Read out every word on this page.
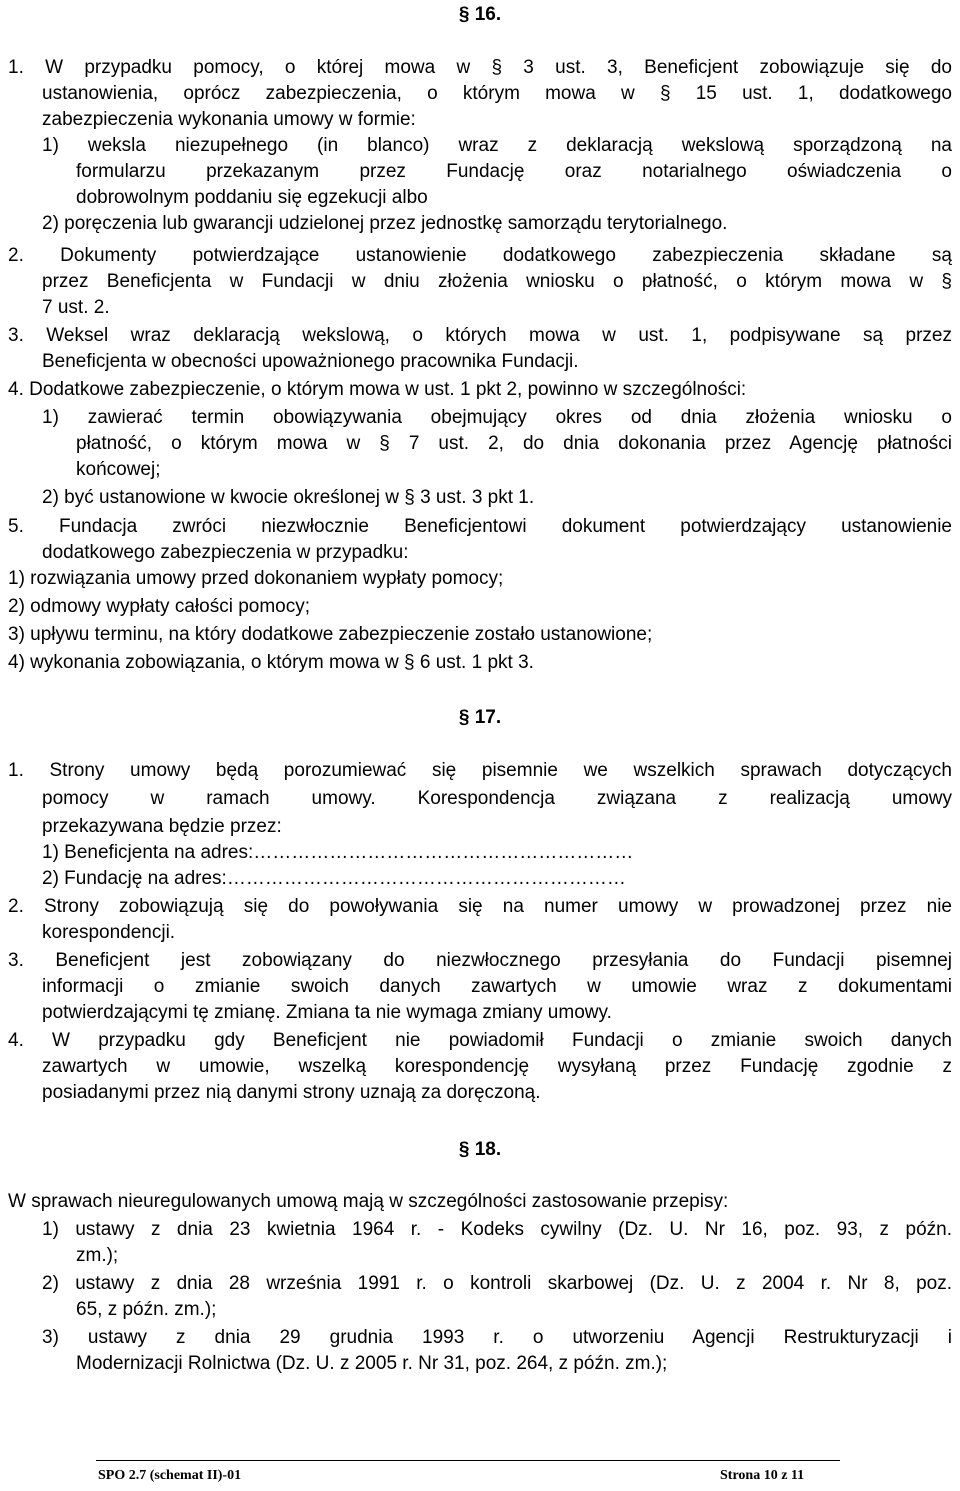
§ 16.
1. W przypadku pomocy, o której mowa w § 3 ust. 3, Beneficjent zobowiązuje się do
ustanowienia, oprócz zabezpieczenia, o którym mowa w § 15 ust. 1, dodatkowego
zabezpieczenia wykonania umowy w formie:
1) weksla niezupełnego (in blanco) wraz z deklaracją wekslową sporządzoną na
formularzu przekazanym przez Fundację oraz notarialnego oświadczenia o
dobrowolnym poddaniu się egzekucji albo
2) poręczenia lub gwarancji udzielonej przez jednostkę samorządu terytorialnego.
2. Dokumenty potwierdzające ustanowienie dodatkowego zabezpieczenia składane są
przez Beneficjenta w Fundacji w dniu złożenia wniosku o płatność, o którym mowa w §
7 ust. 2.
3. Weksel wraz deklaracją wekslową, o których mowa w ust. 1, podpisywane są przez
Beneficjenta w obecności upoważnionego pracownika Fundacji.
4. Dodatkowe zabezpieczenie, o którym mowa w ust. 1 pkt 2, powinno w szczególności:
1) zawierać termin obowiązywania obejmujący okres od dnia złożenia wniosku o
płatność, o którym mowa w § 7 ust. 2, do dnia dokonania przez Agencję płatności
końcowej;
2) być ustanowione w kwocie określonej w § 3 ust. 3 pkt 1.
5. Fundacja zwróci niezwłocznie Beneficjentowi dokument potwierdzający ustanowienie
dodatkowego zabezpieczenia w przypadku:
1) rozwiązania umowy przed dokonaniem wypłaty pomocy;
2) odmowy wypłaty całości pomocy;
3) upływu terminu, na który dodatkowe zabezpieczenie zostało ustanowione;
4) wykonania zobowiązania, o którym mowa w § 6 ust. 1 pkt 3.
§ 17.
1. Strony umowy będą porozumiewać się pisemnie we wszelkich sprawach dotyczących
pomocy w ramach umowy. Korespondencja związana z realizacją umowy
przekazywana będzie przez:
1) Beneficjenta na adres:……………………………………………………
2) Fundację na adres:………………………………………………………
2. Strony zobowiązują się do powoływania się na numer umowy w prowadzonej przez nie
korespondencji.
3. Beneficjent jest zobowiązany do niezwłocznego przesyłania do Fundacji pisemnej
informacji o zmianie swoich danych zawartych w umowie wraz z dokumentami
potwierdzającymi tę zmianę. Zmiana ta nie wymaga zmiany umowy.
4. W przypadku gdy Beneficjent nie powiadomił Fundacji o zmianie swoich danych
zawartych w umowie, wszelką korespondencję wysyłaną przez Fundację zgodnie z
posiadanymi przez nią danymi strony uznają za doręczoną.
§ 18.
W sprawach nieuregulowanych umową mają w szczególności zastosowanie przepisy:
1) ustawy z dnia 23 kwietnia 1964 r. - Kodeks cywilny (Dz. U. Nr 16, poz. 93, z późn.
zm.);
2) ustawy z dnia 28 września 1991 r. o kontroli skarbowej (Dz. U. z 2004 r. Nr 8, poz.
65, z późn. zm.);
3) ustawy z dnia 29 grudnia 1993 r. o utworzeniu Agencji Restrukturyzacji i
Modernizacji Rolnictwa (Dz. U. z 2005 r. Nr 31, poz. 264, z późn. zm.);
SPO 2.7 (schemat II)-01	Strona 10 z 11
